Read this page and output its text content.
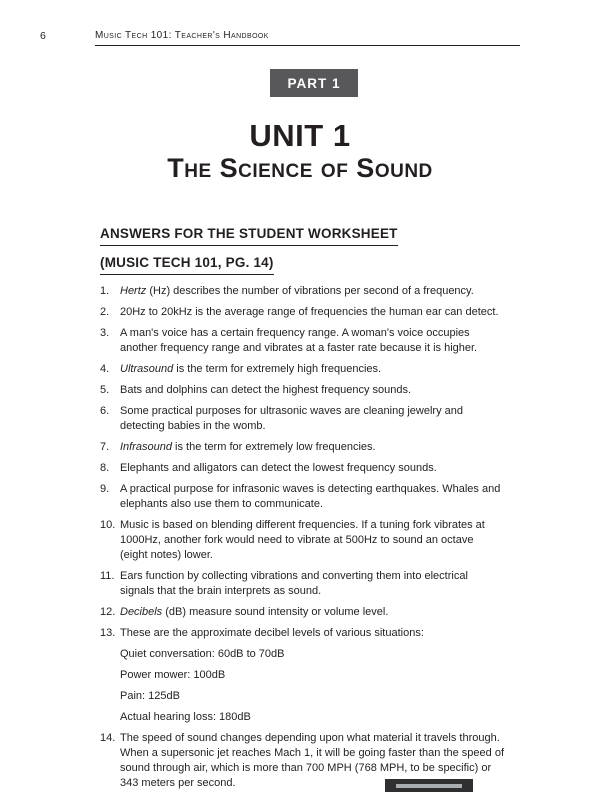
6	Music Tech 101: Teacher's Handbook
PART 1
UNIT 1
The Science of Sound
ANSWERS FOR THE STUDENT WORKSHEET
(MUSIC TECH 101, PG. 14)
1. Hertz (Hz) describes the number of vibrations per second of a frequency.
2. 20Hz to 20kHz is the average range of frequencies the human ear can detect.
3. A man's voice has a certain frequency range. A woman's voice occupies another frequency range and vibrates at a faster rate because it is higher.
4. Ultrasound is the term for extremely high frequencies.
5. Bats and dolphins can detect the highest frequency sounds.
6. Some practical purposes for ultrasonic waves are cleaning jewelry and detecting babies in the womb.
7. Infrasound is the term for extremely low frequencies.
8. Elephants and alligators can detect the lowest frequency sounds.
9. A practical purpose for infrasonic waves is detecting earthquakes. Whales and elephants also use them to communicate.
10. Music is based on blending different frequencies. If a tuning fork vibrates at 1000Hz, another fork would need to vibrate at 500Hz to sound an octave (eight notes) lower.
11. Ears function by collecting vibrations and converting them into electrical signals that the brain interprets as sound.
12. Decibels (dB) measure sound intensity or volume level.
13. These are the approximate decibel levels of various situations:
Quiet conversation: 60dB to 70dB
Power mower: 100dB
Pain: 125dB
Actual hearing loss: 180dB
14. The speed of sound changes depending upon what material it travels through. When a supersonic jet reaches Mach 1, it will be going faster than the speed of sound through air, which is more than 700 MPH (768 MPH, to be specific) or 343 meters per second.
